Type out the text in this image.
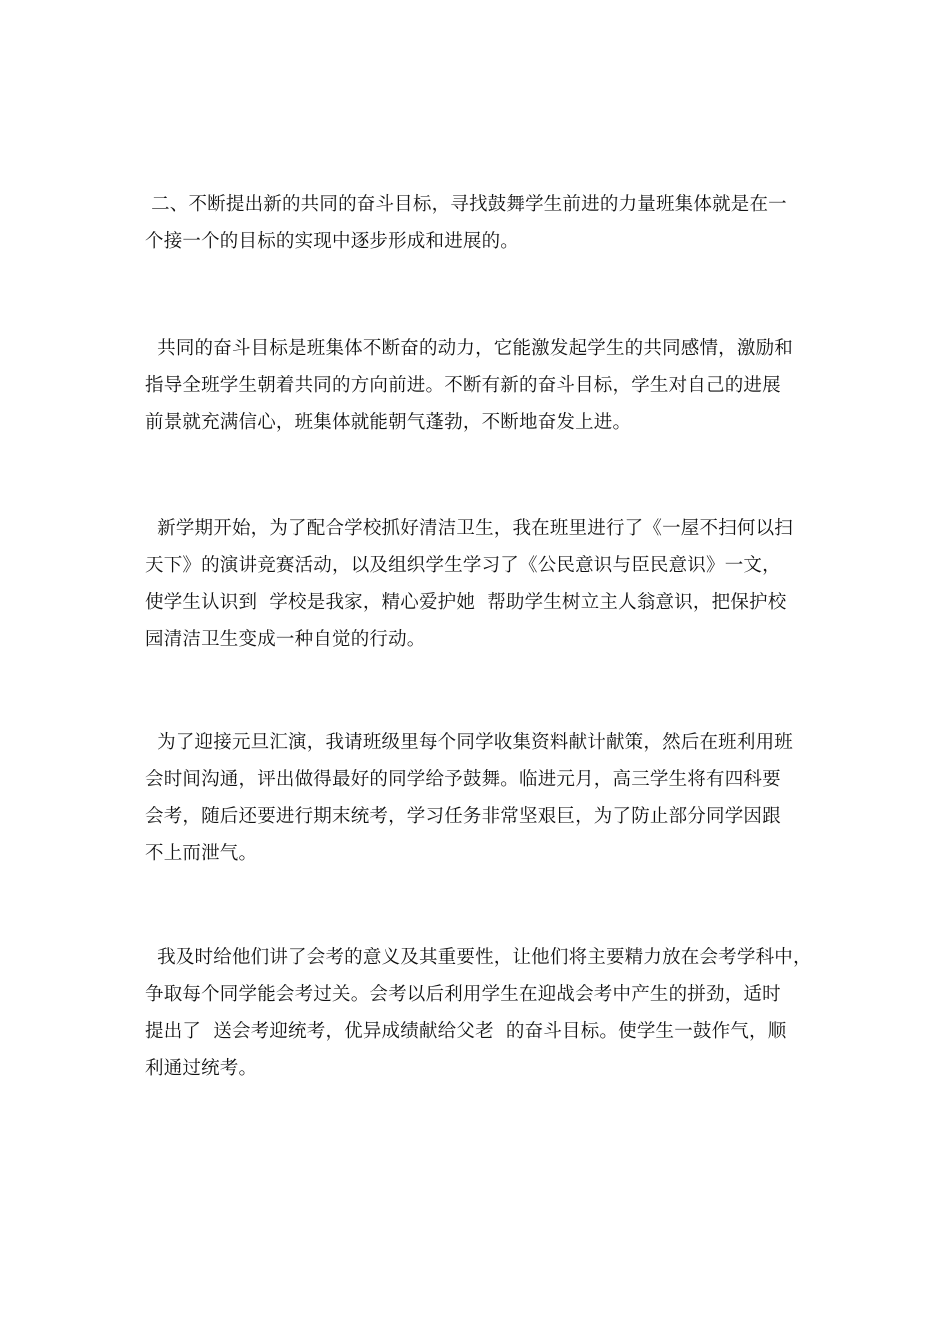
二、不断提出新的共同的奋斗目标，寻找鼓舞学生前进的力量班集体就是在一
个接一个的目标的实现中逐步形成和进展的。
共同的奋斗目标是班集体不断奋的动力，它能激发起学生的共同感情，激励和
指导全班学生朝着共同的方向前进。不断有新的奋斗目标，学生对自己的进展
前景就充满信心，班集体就能朝气蓬勃，不断地奋发上进。
新学期开始，为了配合学校抓好清洁卫生，我在班里进行了《一屋不扫何以扫
天下》的演讲竞赛活动，以及组织学生学习了《公民意识与臣民意识》一文，
使学生认识到  学校是我家，精心爱护她  帮助学生树立主人翁意识，把保护校
园清洁卫生变成一种自觉的行动。
为了迎接元旦汇演，我请班级里每个同学收集资料献计献策，然后在班利用班
会时间沟通，评出做得最好的同学给予鼓舞。临进元月，高三学生将有四科要
会考，随后还要进行期末统考，学习任务非常坚艰巨，为了防止部分同学因跟
不上而泄气。
我及时给他们讲了会考的意义及其重要性，让他们将主要精力放在会考学科中，
争取每个同学能会考过关。会考以后利用学生在迎战会考中产生的拼劲，适时
提出了  送会考迎统考，优异成绩献给父老  的奋斗目标。使学生一鼓作气，顺
利通过统考。
